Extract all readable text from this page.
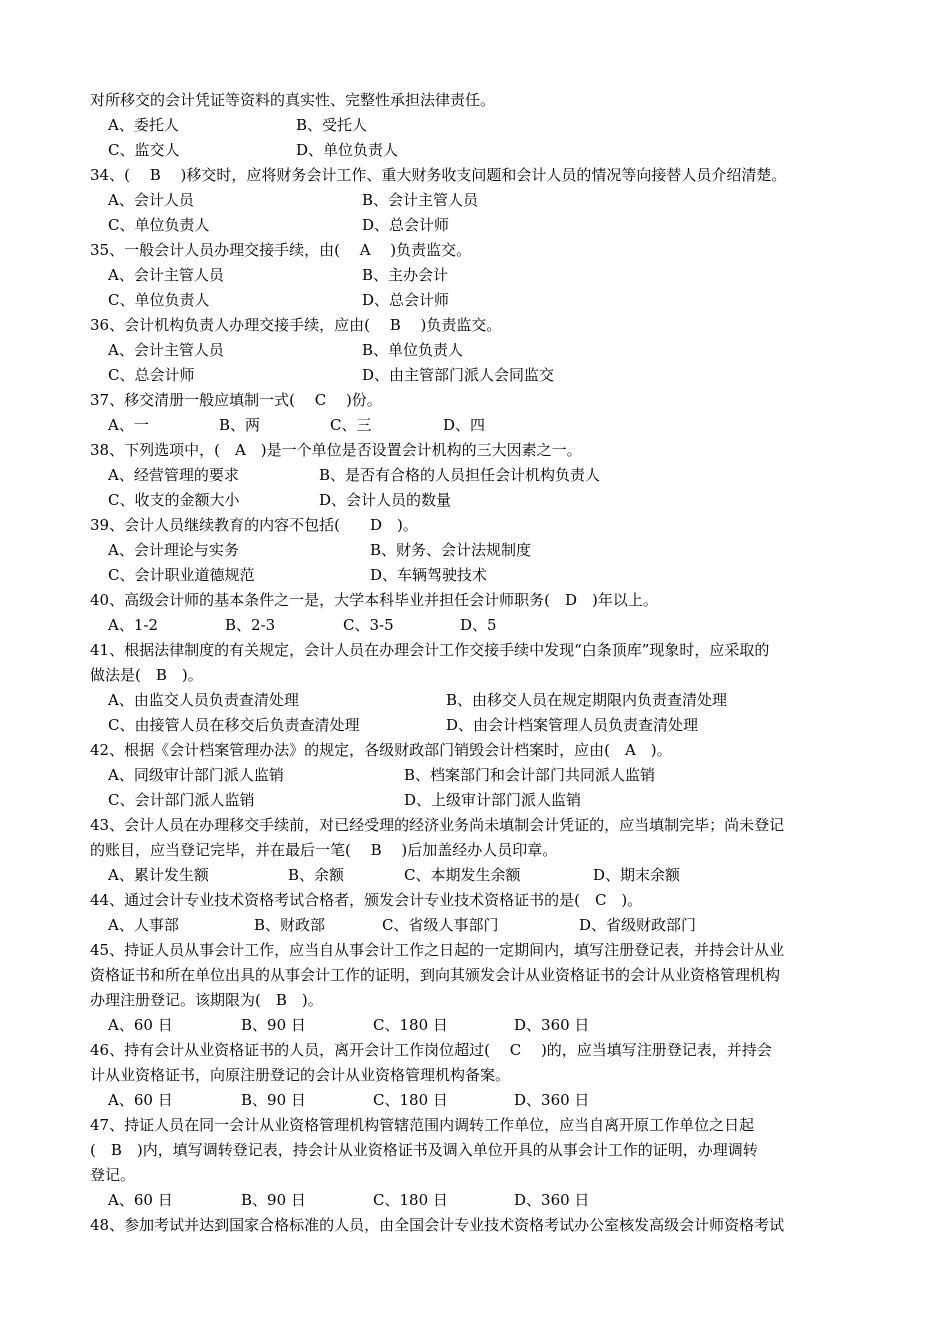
对所移交的会计凭证等资料的真实性、完整性承担法律责任。
A、委托人	B、受托人
C、监交人	D、单位负责人
34、(　 B　 )移交时，应将财务会计工作、重大财务收支问题和会计人员的情况等向接替人员介绍清楚。
A、会计人员	B、会计主管人员
C、单位负责人	D、总会计师
35、一般会计人员办理交接手续，由(　 A　 )负责监交。
A、会计主管人员	B、主办会计
C、单位负责人	D、总会计师
36、会计机构负责人办理交接手续，应由(　 B　 )负责监交。
A、会计主管人员	B、单位负责人
C、总会计师	D、由主管部门派人会同监交
37、移交清册一般应填制一式(　 C　 )份。
A、一	B、两	C、三	D、四
38、下列选项中，(　A　)是一个单位是否设置会计机构的三大因素之一。
A、经营管理的要求	B、是否有合格的人员担任会计机构负责人
C、收支的金额大小	D、会计人员的数量
39、会计人员继续教育的内容不包括(　　D　)。
A、会计理论与实务	B、财务、会计法规制度
C、会计职业道德规范	D、车辆驾驶技术
40、高级会计师的基本条件之一是，大学本科毕业并担任会计师职务(　D　)年以上。
A、1-2	B、2-3	C、3-5	D、5
41、根据法律制度的有关规定，会计人员在办理会计工作交接手续中发现“白条顶库”现象时，应采取的
做法是(　B　)。
A、由监交人员负责查清处理	B、由移交人员在规定期限内负责查清处理
C、由接管人员在移交后负责查清处理	D、由会计档案管理人员负责查清处理
42、根据《会计档案管理办法》的规定，各级财政部门销毁会计档案时，应由(　A　)。
A、同级审计部门派人监销	B、档案部门和会计部门共同派人监销
C、会计部门派人监销	D、上级审计部门派人监销
43、会计人员在办理移交手续前，对已经受理的经济业务尚未填制会计凭证的，应当填制完毕；尚未登记
的账目，应当登记完毕，并在最后一笔(　 B　 )后加盖经办人员印章。
A、累计发生额	B、余额	C、本期发生余额	D、期末余额
44、通过会计专业技术资格考试合格者，颁发会计专业技术资格证书的是(　C　)。
A、人事部	B、财政部	C、省级人事部门	D、省级财政部门
45、持证人员从事会计工作，应当自从事会计工作之日起的一定期间内，填写注册登记表，并持会计从业
资格证书和所在单位出具的从事会计工作的证明，到向其颁发会计从业资格证书的会计从业资格管理机构
办理注册登记。该期限为(　B　)。
A、60 日	B、90 日	C、180 日	D、360 日
46、持有会计从业资格证书的人员，离开会计工作岗位超过(　 C　 )的，应当填写注册登记表，并持会
计从业资格证书，向原注册登记的会计从业资格管理机构备案。
A、60 日	B、90 日	C、180 日	D、360 日
47、持证人员在同一会计从业资格管理机构管辖范围内调转工作单位，应当自离开原工作单位之日起
(　B　)内，填写调转登记表，持会计从业资格证书及调入单位开具的从事会计工作的证明，办理调转
登记。
A、60 日	B、90 日	C、180 日	D、360 日
48、参加考试并达到国家合格标准的人员，由全国会计专业技术资格考试办公室核发高级会计师资格考试
